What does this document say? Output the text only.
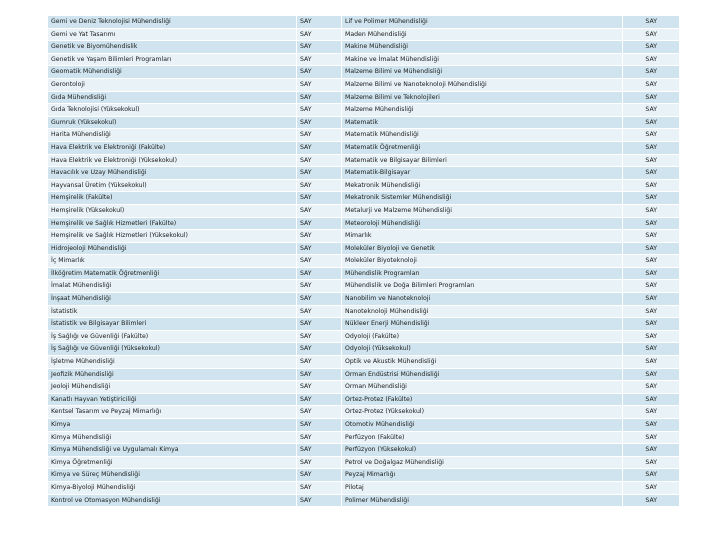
Gemi ve Deniz Teknolojisi Mühendisliği	SAY	Lif ve Polimer Mühendisliği	SAY
Gemi ve Yat Tasarımı	SAY	Maden Mühendisliği	SAY
Genetik ve Biyomühendislik	SAY	Makine Mühendisliği	SAY
Genetik ve Yaşam Bilimleri Programları	SAY	Makine ve İmalat Mühendisliği	SAY
Geomatik Mühendisliği	SAY	Malzeme Bilimi ve Mühendisliği	SAY
Gerontoloji	SAY	Malzeme Bilimi ve Nanoteknoloji Mühendisliği	SAY
Gıda Mühendisliği	SAY	Malzeme Bilimi ve Teknolojileri	SAY
Gıda Teknolojisi (Yüksekokul)	SAY	Malzeme Mühendisliği	SAY
Gumruk (Yüksekokul)	SAY	Matematik	SAY
Harita Mühendisliği	SAY	Matematik Mühendisliği	SAY
Hava Elektrik ve Elektroniği (Fakülte)	SAY	Matematik Öğretmenliği	SAY
Hava Elektrik ve Elektroniği (Yüksekokul)	SAY	Matematik ve Bilgisayar Bilimleri	SAY
Havacılık ve Uzay Mühendisliği	SAY	Matematik-Bilgisayar	SAY
Hayvansal Üretim (Yüksekokul)	SAY	Mekatronik Mühendisliği	SAY
Hemşirelik (Fakülte)	SAY	Mekatronik Sistemler Mühendisliği	SAY
Hemşirelik (Yüksekokul)	SAY	Metalurji ve Malzeme Mühendisliği	SAY
Hemşirelik ve Sağlık Hizmetleri (Fakülte)	SAY	Meteoroloji Mühendisliği	SAY
Hemşirelik ve Sağlık Hizmetleri (Yüksekokul)	SAY	Mimarlık	SAY
Hidrojeoloji Mühendisliği	SAY	Moleküler Biyoloji ve Genetik	SAY
İç Mimarlık	SAY	Moleküler Biyoteknoloji	SAY
İlköğretim Matematik Öğretmenliği	SAY	Mühendislik Programları	SAY
İmalat Mühendisliği	SAY	Mühendislik ve Doğa Bilimleri Programları	SAY
İnşaat Mühendisliği	SAY	Nanobilim ve Nanoteknoloji	SAY
İstatistik	SAY	Nanoteknoloji Mühendisliği	SAY
İstatistik ve Bilgisayar Bilimleri	SAY	Nükleer Enerji Mühendisliği	SAY
İş Sağlığı ve Güvenliği (Fakülte)	SAY	Odyoloji (Fakülte)	SAY
İş Sağlığı ve Güvenliği (Yüksekokul)	SAY	Odyoloji (Yüksekokul)	SAY
İşletme Mühendisliği	SAY	Optik ve Akustik Mühendisliği	SAY
Jeofizik Mühendisliği	SAY	Orman Endüstrisi Mühendisliği	SAY
Jeoloji Mühendisliği	SAY	Orman Mühendisliği	SAY
Kanatlı Hayvan Yetiştiriciliği	SAY	Ortez-Protez (Fakülte)	SAY
Kentsel Tasarım ve Peyzaj Mimarlığı	SAY	Ortez-Protez (Yüksekokul)	SAY
Kimya	SAY	Otomotiv Mühendisliği	SAY
Kimya Mühendisliği	SAY	Perfüzyon (Fakülte)	SAY
Kimya Mühendisliği ve Uygulamalı Kimya	SAY	Perfüzyon (Yüksekokul)	SAY
Kimya Öğretmenliği	SAY	Petrol ve Doğalgaz Mühendisliği	SAY
Kimya ve Süreç Mühendisliği	SAY	Peyzaj Mimarlığı	SAY
Kimya-Biyoloji Mühendisliği	SAY	Pilotaj	SAY
Kontrol ve Otomasyon Mühendisliği	SAY	Polimer Mühendisliği	SAY
